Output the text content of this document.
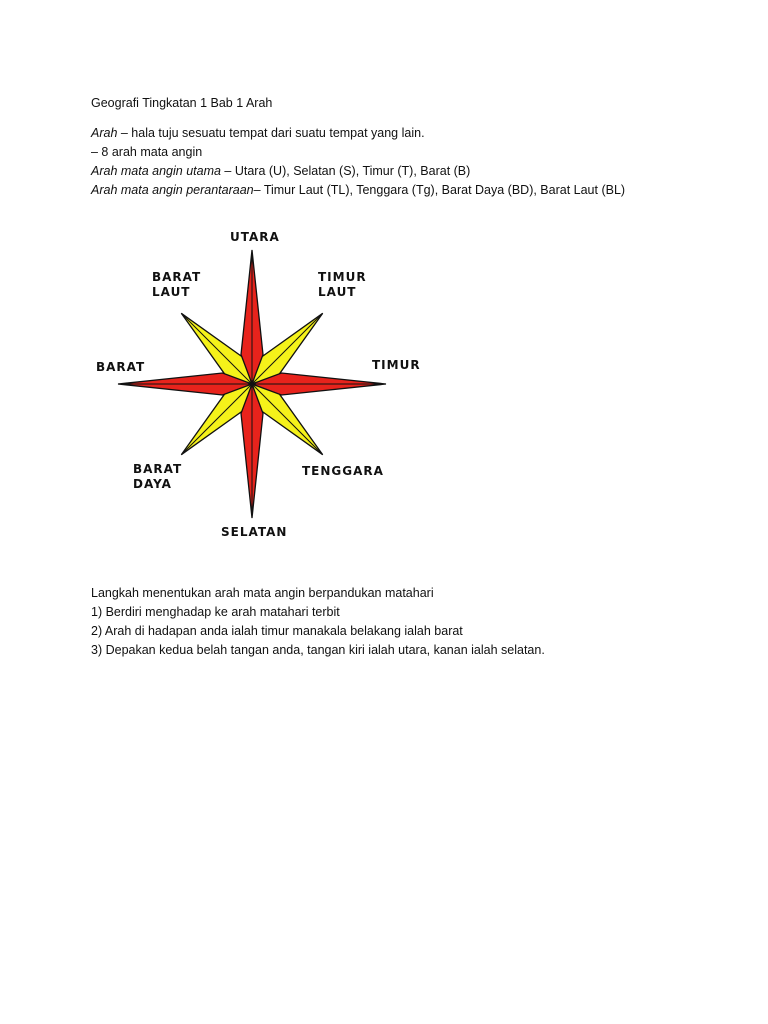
Geografi Tingkatan 1 Bab 1 Arah
Arah – hala tuju sesuatu tempat dari suatu tempat yang lain.
– 8 arah mata angin
Arah mata angin utama – Utara (U), Selatan (S), Timur (T), Barat (B)
Arah mata angin perantaraan– Timur Laut (TL), Tenggara (Tg), Barat Daya (BD), Barat Laut (BL)
UTARA
BARAT
LAUT
TIMUR
LAUT
BARAT	TIMUR
BARAT
DAYA
TENGGARA
SELATAN
Langkah menentukan arah mata angin berpandukan matahari
1) Berdiri menghadap ke arah matahari terbit
2) Arah di hadapan anda ialah timur manakala belakang ialah barat
3) Depakan kedua belah tangan anda, tangan kiri ialah utara, kanan ialah selatan.
